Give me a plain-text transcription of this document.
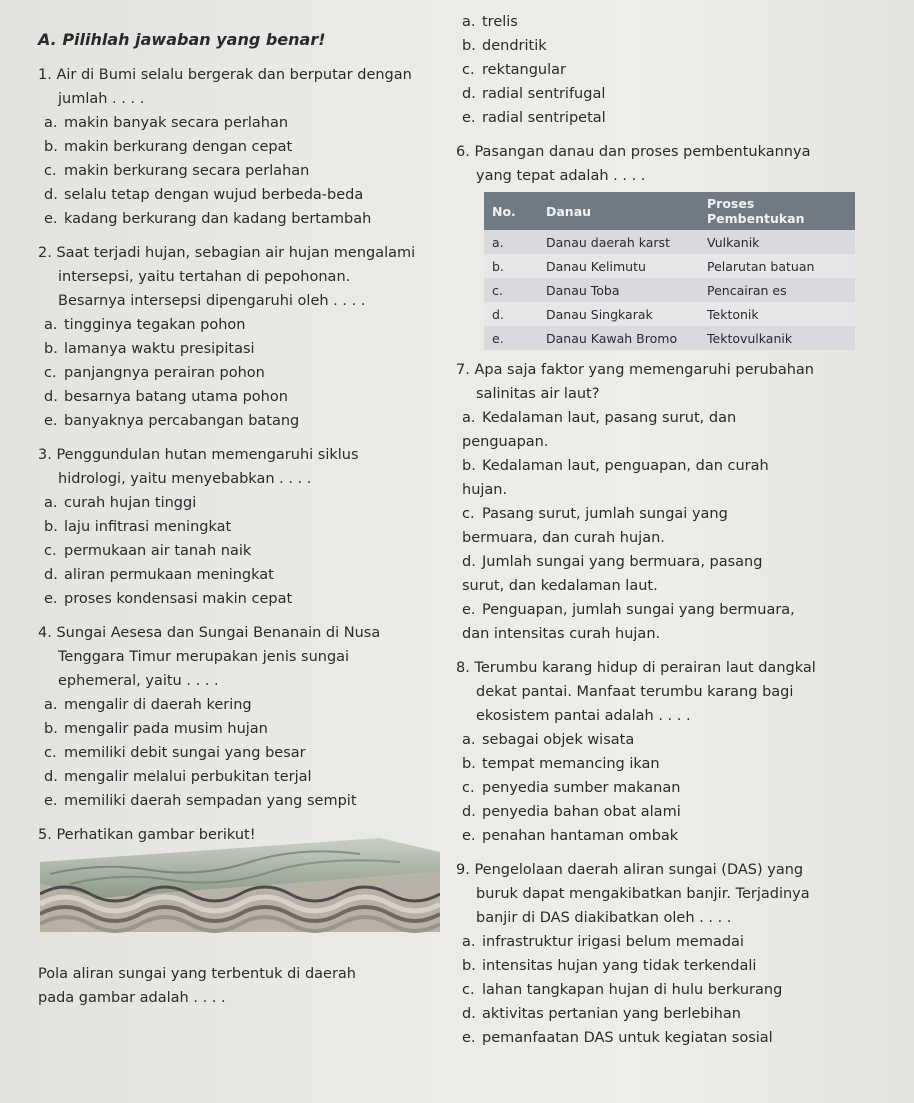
A. Pilihlah jawaban yang benar!

1. Air di Bumi selalu bergerak dan berputar dengan

jumlah . . . .

a. makin banyak secara perlahan
b. makin berkurang dengan cepat
c. makin berkurang secara perlahan
d. selalu tetap dengan wujud berbeda-beda
e. kadang berkurang dan kadang bertambah

2. Saat terjadi hujan, sebagian air hujan mengalami

intersepsi, yaitu tertahan di pepohonan.

Besarnya intersepsi dipengaruhi oleh . . . .

a. tingginya tegakan pohon
b. lamanya waktu presipitasi
c. panjangnya perairan pohon
d. besarnya batang utama pohon
e. banyaknya percabangan batang

3. Penggundulan hutan memengaruhi siklus

hidrologi, yaitu menyebabkan . . . .

a. curah hujan tinggi
b. laju infitrasi meningkat
c. permukaan air tanah naik
d. aliran permukaan meningkat
e. proses kondensasi makin cepat

4. Sungai Aesesa dan Sungai Benanain di Nusa

Tenggara Timur merupakan jenis sungai

ephemeral, yaitu . . . .

a. mengalir di daerah kering
b. mengalir pada musim hujan
c. memiliki debit sungai yang besar
d. mengalir melalui perbukitan terjal
e. memiliki daerah sempadan yang sempit

5. Perhatikan gambar berikut!

Pola aliran sungai yang terbentuk di daerah

pada gambar adalah . . . .

a. trelis
b. dendritik
c. rektangular
d. radial sentrifugal
e. radial sentripetal

6. Pasangan danau dan proses pembentukannya

yang tepat adalah . . . .

No.	Danau	Proses Pembentukan
a.	Danau daerah karst	Vulkanik
b.	Danau Kelimutu	Pelarutan batuan
c.	Danau Toba	Pencairan es
d.	Danau Singkarak	Tektonik
e.	Danau Kawah Bromo	Tektovulkanik

7. Apa saja faktor yang memengaruhi perubahan

salinitas air laut?

a. Kedalaman laut, pasang surut, dan
penguapan.
b. Kedalaman laut, penguapan, dan curah
hujan.
c. Pasang surut, jumlah sungai yang
bermuara, dan curah hujan.
d. Jumlah sungai yang bermuara, pasang
surut, dan kedalaman laut.
e. Penguapan, jumlah sungai yang bermuara,
dan intensitas curah hujan.

8. Terumbu karang hidup di perairan laut dangkal

dekat pantai. Manfaat terumbu karang bagi

ekosistem pantai adalah . . . .

a. sebagai objek wisata
b. tempat memancing ikan
c. penyedia sumber makanan
d. penyedia bahan obat alami
e. penahan hantaman ombak

9. Pengelolaan daerah aliran sungai (DAS) yang

buruk dapat mengakibatkan banjir. Terjadinya

banjir di DAS diakibatkan oleh . . . .

a. infrastruktur irigasi belum memadai
b. intensitas hujan yang tidak terkendali
c. lahan tangkapan hujan di hulu berkurang
d. aktivitas pertanian yang berlebihan
e. pemanfaatan DAS untuk kegiatan sosial
